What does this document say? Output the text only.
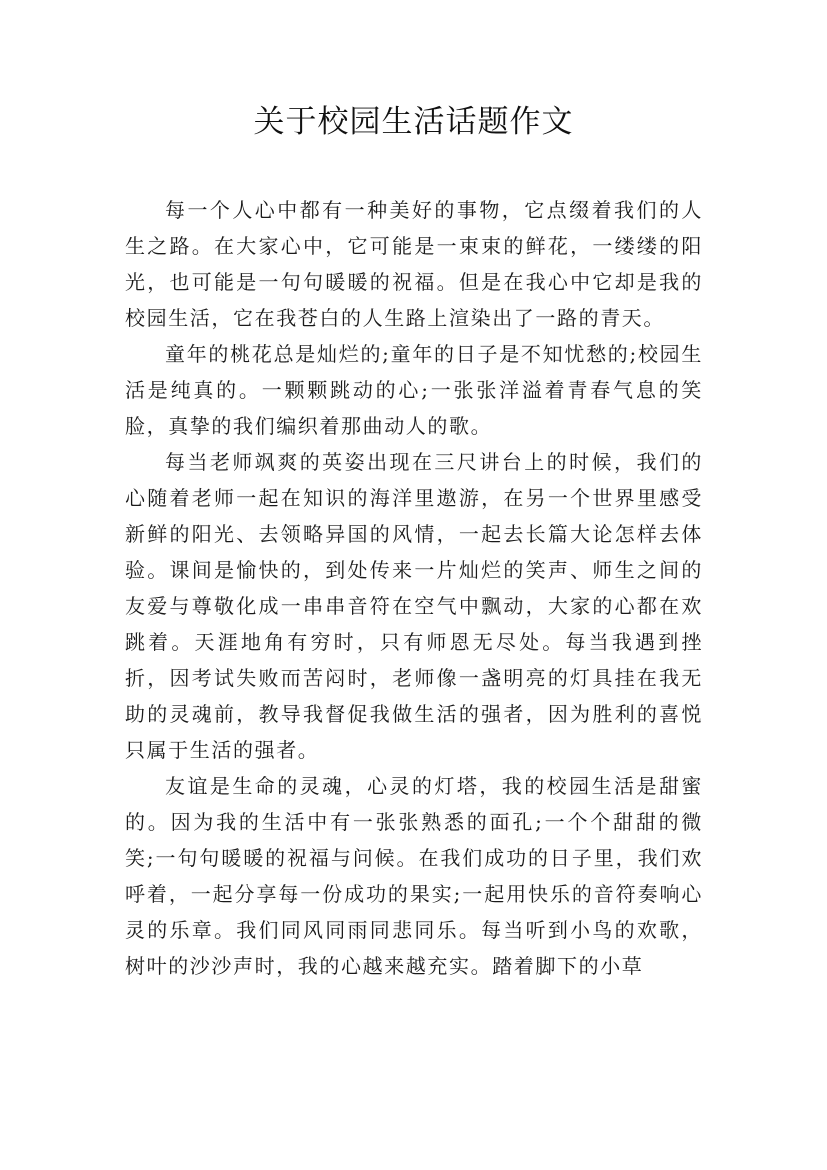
关于校园生活话题作文

每一个人心中都有一种美好的事物，它点缀着我们的人生之路。在大家心中，它可能是一束束的鲜花，一缕缕的阳光，也可能是一句句暖暖的祝福。但是在我心中它却是我的校园生活，它在我苍白的人生路上渲染出了一路的青天。

童年的桃花总是灿烂的;童年的日子是不知忧愁的;校园生活是纯真的。一颗颗跳动的心;一张张洋溢着青春气息的笑脸，真挚的我们编织着那曲动人的歌。

每当老师飒爽的英姿出现在三尺讲台上的时候，我们的心随着老师一起在知识的海洋里遨游，在另一个世界里感受新鲜的阳光、去领略异国的风情，一起去长篇大论怎样去体验。课间是愉快的，到处传来一片灿烂的笑声、师生之间的友爱与尊敬化成一串串音符在空气中飘动，大家的心都在欢跳着。天涯地角有穷时，只有师恩无尽处。每当我遇到挫折，因考试失败而苦闷时，老师像一盏明亮的灯具挂在我无助的灵魂前，教导我督促我做生活的强者，因为胜利的喜悦只属于生活的强者。

友谊是生命的灵魂，心灵的灯塔，我的校园生活是甜蜜的。因为我的生活中有一张张熟悉的面孔;一个个甜甜的微笑;一句句暖暖的祝福与问候。在我们成功的日子里，我们欢呼着，一起分享每一份成功的果实;一起用快乐的音符奏响心灵的乐章。我们同风同雨同悲同乐。每当听到小鸟的欢歌，树叶的沙沙声时，我的心越来越充实。踏着脚下的小草
